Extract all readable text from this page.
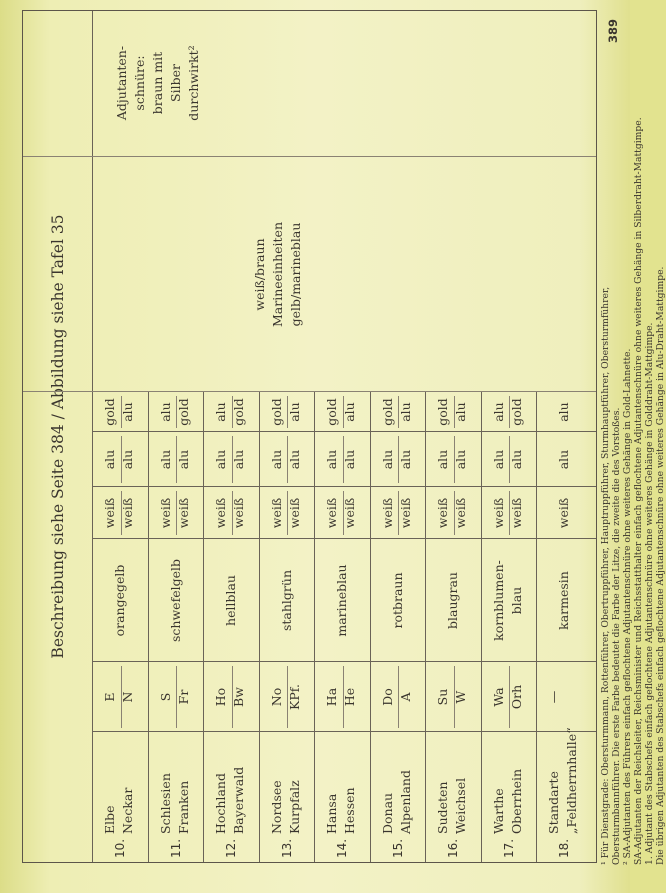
Beschreibung siehe Seite 384 / Abbildung siehe Tafel 35
10.
Elbe Neckar
E N
orangegelb
weiß weiß
alu alu
gold alu
11.
Schlesien Franken
S Fr
schwefelgelb
weiß weiß
alu alu
alu gold
12.
Hochland Bayerwald
Ho Bw
hellblau
weiß weiß
alu alu
alu gold
13.
Nordsee Kurpfalz
No KPf.
stahlgrün
weiß weiß
alu alu
gold alu
14.
Hansa Hessen
Ha He
marineblau
weiß weiß
alu alu
gold alu
15.
Donau Alpenland
Do A
rotbraun
weiß weiß
alu alu
gold alu
16.
Sudeten Weichsel
Su W
blaugrau
weiß weiß
alu alu
gold alu
17.
Warthe Oberrhein
Wa Orh
kornblumen- blau
weiß weiß
alu alu
alu gold
18.
Standarte „Feldherrnhalle“
—
karmesin
weiß
alu
alu
weiß/braun Marineeinheiten gelb/marineblau
Adjutanten- schnüre: braun mit Silber durchwirkt²
¹ Für Dienstgrade: Obersturmmann, Rottenführer, Obertruppführer, Hauptruppführer, Sturmhauptführer, Obersturmführer, Obersturmbannführer. Die erste Farbe bedeutet die Farbe der Litze, die zweite die des Vorstoßes. ² SA-Adjutanten des Führers einfach geflochtene Adjutantenschnüre ohne weiteres Gehänge in Gold-Lahnette. SA-Adjutanten der Reichsleiter, Reichsminister und Reichsstatthalter einfach geflochtene Adjutantenschnüre ohne weiteres Gehänge in Silberdraht-Mattgimpe. 1. Adjutant des Stabschefs einfach geflochtene Adjutantenschnüre ohne weiteres Gehänge in Golddraht-Mattgimpe. Die übrigen Adjutanten des Stabschefs einfach geflochtene Adjutantenschnüre ohne weiteres Gehänge in Alu-Draht-Mattgimpe.
389
